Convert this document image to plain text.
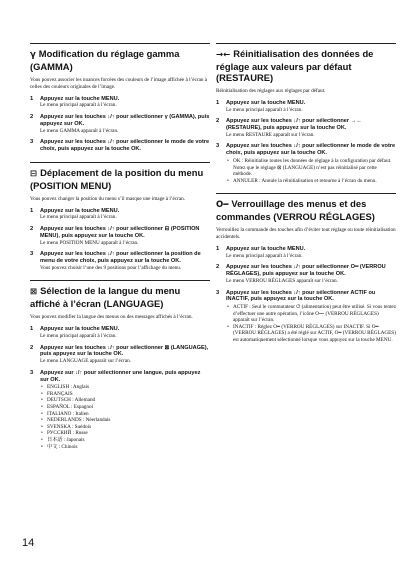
γ Modification du réglage gamma (GAMMA)

Vous pouvez associer les nuances forcées des couleurs de l’image affichée à l’écran à celles des couleurs originales de l’image.

1	Appuyez sur la touche MENU.
Le menu principal apparaît à l’écran.
2	Appuyez sur les touches ↓/↑ pour sélectionner γ (GAMMA), puis appuyez sur OK.
Le menu GAMMA apparaît à l’écran.
3	Appuyez sur les touches ↓/↑ pour sélectionner le mode de votre choix, puis appuyez sur la touche OK.
⊟ Déplacement de la position du menu (POSITION MENU)

Vous pouvez changer la position du menu s’il masque une image à l’écran.

1	Appuyez sur la touche MENU.
Le menu principal apparaît à l’écran.
2	Appuyez sur les touches ↓/↑ pour sélectionner ⊟ (POSITION MENU), puis appuyez sur la touche OK.
Le menu POSITION MENU apparaît à l’écran.
3	Appuyez sur les touches ↓/↑ pour sélectionner la position de menu de votre choix, puis appuyez sur la touche OK.
Vous pouvez choisir l’une des 9 positions pour l’affichage du menu.
⊠ Sélection de la langue du menu affiché à l’écran (LANGUAGE)

Vous pouvez modifier la langue des menus ou des messages affichés à l’écran.

1	Appuyez sur la touche MENU.
Le menu principal apparaît à l’écran.
2	Appuyez sur les touches ↓/↑ pour sélectionner ⊠ (LANGUAGE), puis appuyez sur la touche OK.
Le menu LANGUAGE apparaît sur l’écran.
3	Appuyez sur ↓/↑ pour sélectionner une langue, puis appuyez sur OK.
• ENGLISH : Anglais
• FRANÇAIS
• DEUTSCH : Allemand
• ESPAÑOL : Espagnol
• ITALIANO : Italien
• NEDERLANDS : Néerlandais
• SVENSKA : Suédois
• РУССКИЙ : Russe
• 日本語 : Japonais
• 中文 : Chinois
→← Réinitialisation des données de réglage aux valeurs par défaut (RESTAURE)

Réinitialisation des réglages aux réglages par défaut.

1	Appuyez sur la touche MENU.
Le menu principal apparaît à l’écran.
2	Appuyez sur les touches ↓/↑ pour sélectionner →← (RESTAURE), puis appuyez sur la touche OK.
Le menu RESTAURE apparaît sur l’écran.
3	Appuyez sur les touches ↓/↑ pour sélectionner le mode de votre choix, puis appuyez sur la touche OK.
• OK : Réinitialise toutes les données de réglage à la configuration par défaut. Notez que le réglage ⊠ (LANGUAGE) n’est pas réinitialisé par cette méthode.
• ANNULER : Annule la réinitialisation et retourne à l’écran du menu.
O━ Verrouillage des menus et des commandes (VERROU RÉGLAGES)

Verrouillez la commande des touches afin d’éviter tout réglage ou toute réinitialisation accidentels.

1	Appuyez sur la touche MENU.
Le menu principal apparaît à l’écran.
2	Appuyez sur les touches ↓/↑ pour sélectionner O━ (VERROU RÉGLAGES), puis appuyez sur la touche OK.
Le menu VERROU RÉGLAGES apparaît sur l’écran.
3	Appuyez sur les touches ↓/↑ pour sélectionner ACTIF ou INACTIF, puis appuyez sur la touche OK.
• ACTIF : Seul le commutateur ⏻ (alimentation) peut être utilisé. Si vous tentez d’effectuer une autre opération, l’icône O━ (VERROU RÉGLAGES) apparaît sur l’écran.
• INACTIF : Réglez O━ (VERROU RÉGLAGES) sur INACTIF. Si O━ (VERROU RÉGLAGES) a été réglé sur ACTIF, O━ (VERROU RÉGLAGES) est automatiquement sélectionné lorsque vous appuyez sur la touche MENU.
14
